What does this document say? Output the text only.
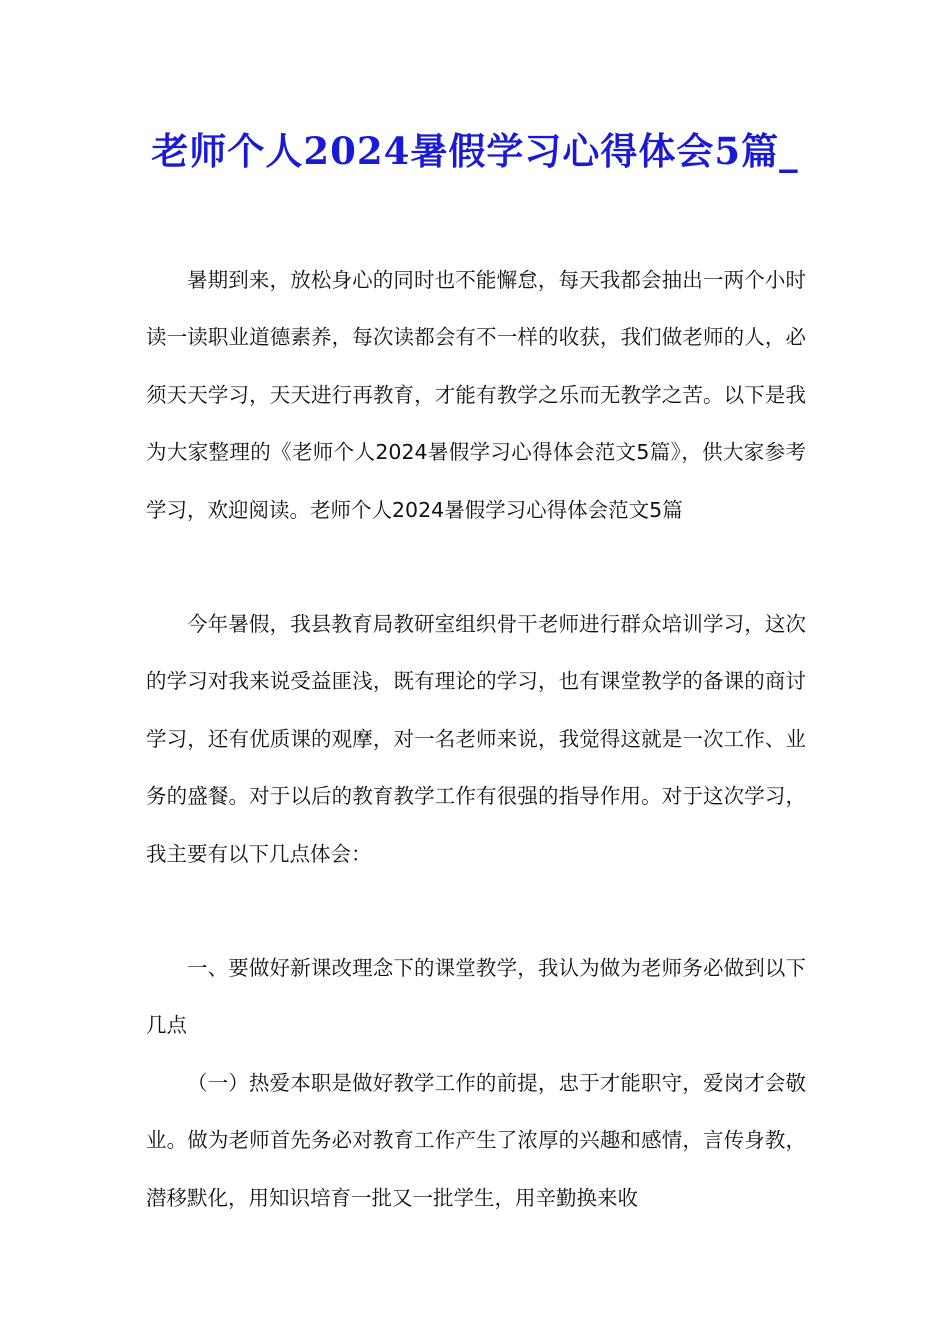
老师个人2024暑假学习心得体会5篇_

暑期到来，放松身心的同时也不能懈怠，每天我都会抽出一两个小时读一读职业道德素养，每次读都会有不一样的收获，我们做老师的人，必须天天学习，天天进行再教育，才能有教学之乐而无教学之苦。以下是我为大家整理的《老师个人2024暑假学习心得体会范文5篇》，供大家参考学习，欢迎阅读。老师个人2024暑假学习心得体会范文5篇

今年暑假，我县教育局教研室组织骨干老师进行群众培训学习，这次的学习对我来说受益匪浅，既有理论的学习，也有课堂教学的备课的商讨学习，还有优质课的观摩，对一名老师来说，我觉得这就是一次工作、业务的盛餐。对于以后的教育教学工作有很强的指导作用。对于这次学习，我主要有以下几点体会：

一、要做好新课改理念下的课堂教学，我认为做为老师务必做到以下几点

（一）热爱本职是做好教学工作的前提，忠于才能职守，爱岗才会敬业。做为老师首先务必对教育工作产生了浓厚的兴趣和感情，言传身教，潜移默化，用知识培育一批又一批学生，用辛勤换来收
